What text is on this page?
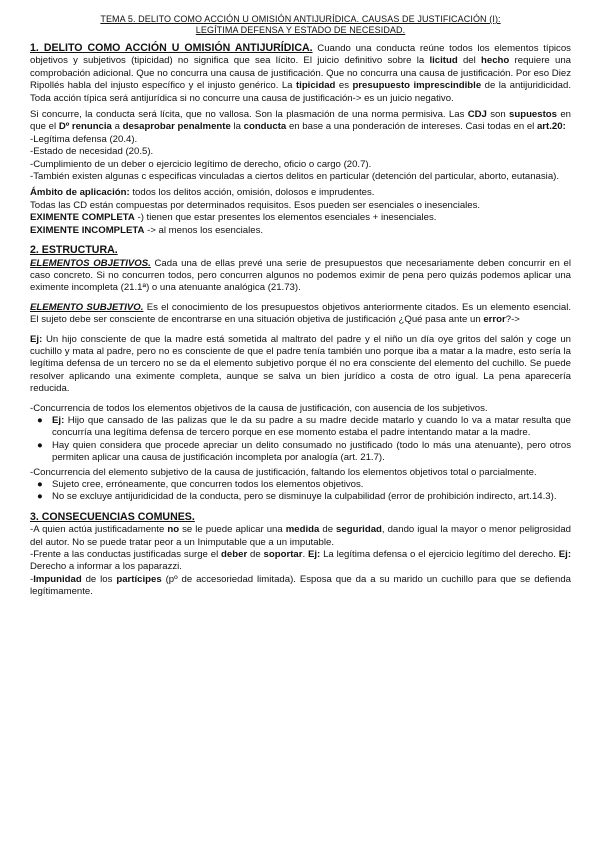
TEMA 5. DELITO COMO ACCIÓN U OMISIÓN ANTIJURÍDICA. CAUSAS DE JUSTIFICACIÓN (I):
LEGÍTIMA DEFENSA Y ESTADO DE NECESIDAD.

1. DELITO COMO ACCIÓN U OMISIÓN ANTIJURÍDICA. Cuando una conducta reúne todos los elementos típicos objetivos y subjetivos (tipicidad) no significa que sea lícito. El juicio definitivo sobre la licitud del hecho requiere una comprobación adicional. Que no concurra una causa de justificación. Que no concurra una causa de justificación. Por eso Diez Ripollés habla del injusto específico y el injusto genérico. La tipicidad es presupuesto imprescindible de la antijuridicidad. Toda acción típica será antijurídica si no concurre una causa de justificación-> es un juicio negativo.

Si concurre, la conducta será lícita, que no vallosa. Son la plasmación de una norma permisiva. Las CDJ son supuestos en que el Dº renuncia a desaprobar penalmente la conducta en base a una ponderación de intereses. Casi todas en el art.20:

-Legítima defensa (20.4).
-Estado de necesidad (20.5).
-Cumplimiento de un deber o ejercicio legítimo de derecho, oficio o cargo (20.7).

-También existen algunas c especificas vinculadas a ciertos delitos en particular (detención del particular, aborto, eutanasia).

Ámbito de aplicación: todos los delitos acción, omisión, dolosos e imprudentes.
Todas las CD están compuestas por determinados requisitos. Esos pueden ser esenciales o inesenciales.
EXIMENTE COMPLETA -) tienen que estar presentes los elementos esenciales + inesenciales.
EXIMENTE INCOMPLETA -> al menos los esenciales.
2. ESTRUCTURA.

ELEMENTOS OBJETIVOS. Cada una de ellas prevé una serie de presupuestos que necesariamente deben concurrir en el caso concreto. Si no concurren todos, pero concurren algunos no podemos eximir de pena pero quizás podemos aplicar una eximente incompleta (21.1ª) o una atenuante analógica (21.73).

ELEMENTO SUBJETIVO. Es el conocimiento de los presupuestos objetivos anteriormente citados. Es un elemento esencial. El sujeto debe ser consciente de encontrarse en una situación objetiva de justificación ¿Qué pasa ante un error?->

Ej: Un hijo consciente de que la madre está sometida al maltrato del padre y el niño un día oye gritos del salón y coge un cuchillo y mata al padre, pero no es consciente de que el padre tenía también uno porque iba a matar a la madre, esto sería la legítima defensa de un tercero no se da el elemento subjetivo porque él no era consciente del elemento del cuchillo. Se puede resolver aplicando una eximente completa, aunque se salva un bien jurídico a costa de otro igual. La pena aparecería reducida.

-Concurrencia de todos los elementos objetivos de la causa de justificación, con ausencia de los subjetivos.
● Ej: Hijo que cansado de las palizas que le da su padre a su madre decide matarlo y cuando lo va a matar resulta que concurría una legítima defensa de tercero porque en ese momento estaba el padre intentando matar a la madre.
● Hay quien considera que procede apreciar un delito consumado no justificado (todo lo más una atenuante), pero otros permiten aplicar una causa de justificación incompleta por analogía (art. 21.7).
-Concurrencia del elemento subjetivo de la causa de justificación, faltando los elementos objetivos total o parcialmente.
● Sujeto cree, erróneamente, que concurren todos los elementos objetivos.
● No se excluye antijuridicidad de la conducta, pero se disminuye la culpabilidad (error de prohibición indirecto, art.14.3).
3. CONSECUENCIAS COMUNES.

-A quien actúa justificadamente no se le puede aplicar una medida de seguridad, dando igual la mayor o menor peligrosidad del autor. No se puede tratar peor a un Inimputable que a un imputable.

-Frente a las conductas justificadas surge el deber de soportar. Ej: La legítima defensa o el ejercicio legítimo del derecho. Ej: Derecho a informar a los paparazzi.

-Impunidad de los partícipes (pº de accesoriedad limitada). Esposa que da a su marido un cuchillo para que se defienda legítimamente.
